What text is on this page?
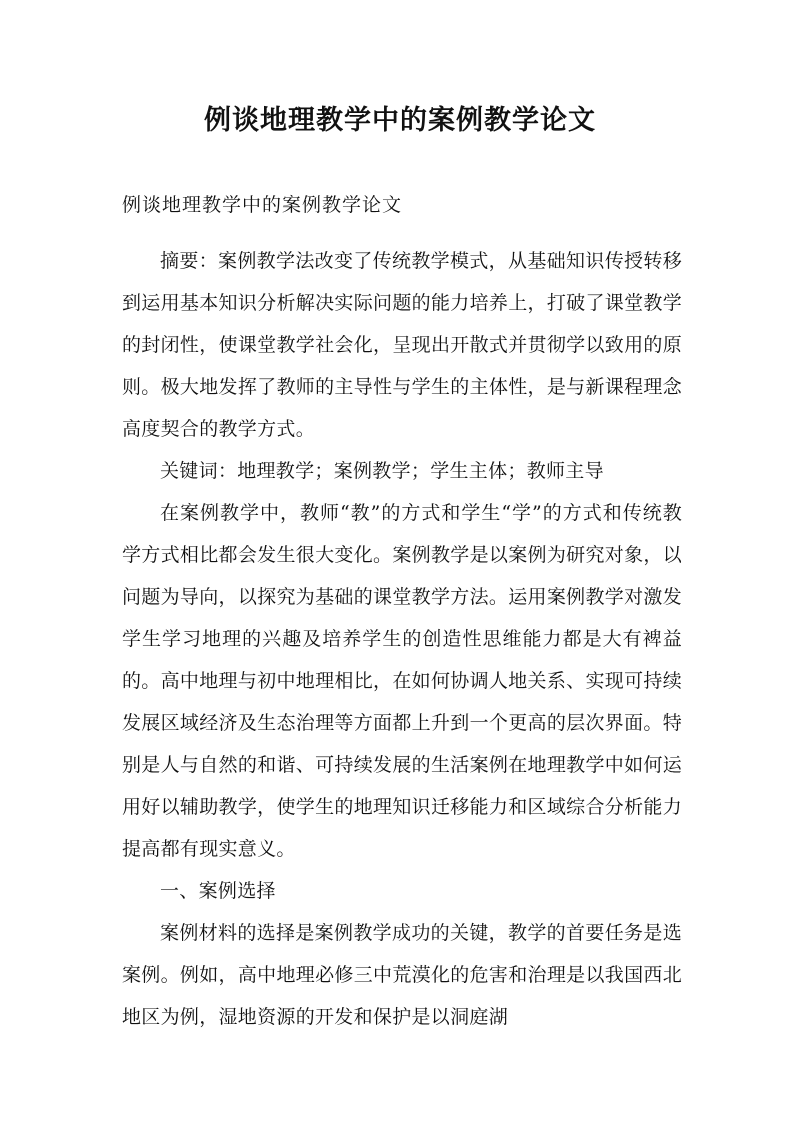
例谈地理教学中的案例教学论文
例谈地理教学中的案例教学论文

摘要：案例教学法改变了传统教学模式，从基础知识传授转移到运用基本知识分析解决实际问题的能力培养上，打破了课堂教学的封闭性，使课堂教学社会化，呈现出开散式并贯彻学以致用的原则。极大地发挥了教师的主导性与学生的主体性，是与新课程理念高度契合的教学方式。

关键词：地理教学；案例教学；学生主体；教师主导

在案例教学中，教师“教”的方式和学生“学”的方式和传统教学方式相比都会发生很大变化。案例教学是以案例为研究对象，以问题为导向，以探究为基础的课堂教学方法。运用案例教学对激发学生学习地理的兴趣及培养学生的创造性思维能力都是大有裨益的。高中地理与初中地理相比，在如何协调人地关系、实现可持续发展区域经济及生态治理等方面都上升到一个更高的层次界面。特别是人与自然的和谐、可持续发展的生活案例在地理教学中如何运用好以辅助教学，使学生的地理知识迁移能力和区域综合分析能力提高都有现实意义。

一、案例选择

案例材料的选择是案例教学成功的关键，教学的首要任务是选案例。例如，高中地理必修三中荒漠化的危害和治理是以我国西北地区为例，湿地资源的开发和保护是以洞庭湖
